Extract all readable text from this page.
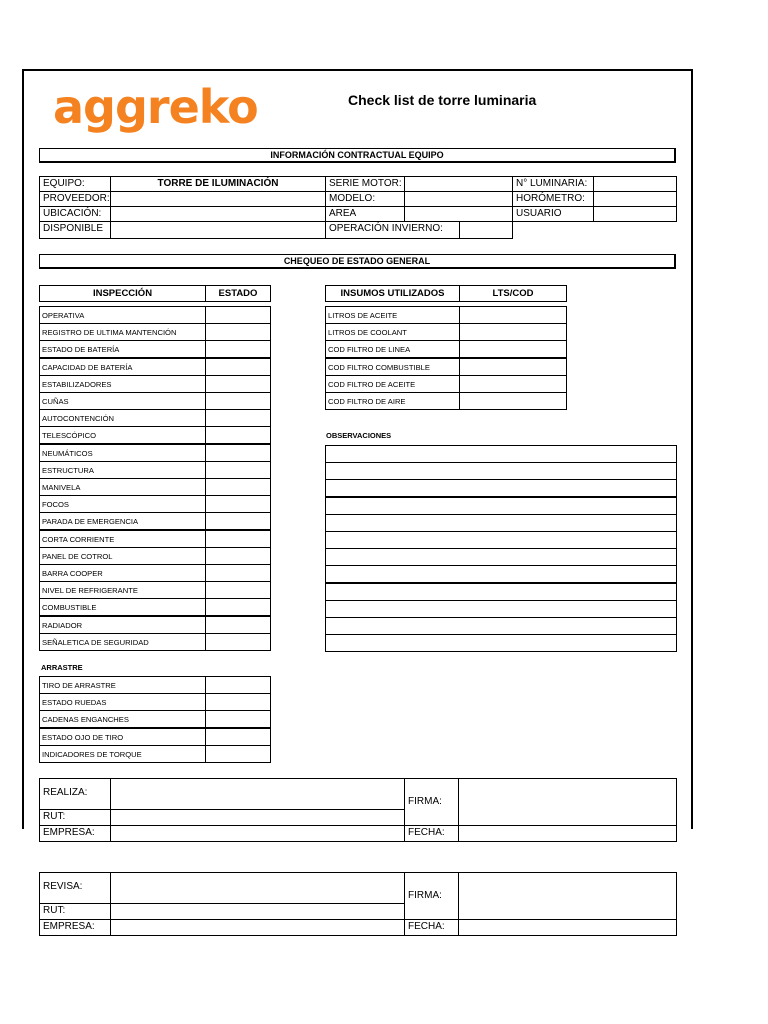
aggreko	Check list de torre luminaria
INFORMACIÓN CONTRACTUAL EQUIPO
EQUIPO:	TORRE DE ILUMINACIÓN	SERIE MOTOR:	N° LUMINARIA:
PROVEEDOR:	MODELO:	HORÓMETRO:
UBICACIÓN:	AREA	USUARIO
DISPONIBLE	OPERACIÓN INVIERNO:
CHEQUEO DE ESTADO GENERAL
INSPECCIÓN	ESTADO
OPERATIVA
REGISTRO DE ULTIMA MANTENCIÓN
ESTADO DE BATERÍA
CAPACIDAD DE BATERÍA
ESTABILIZADORES
CUÑAS
AUTOCONTENCIÓN
TELESCÓPICO
NEUMÁTICOS
ESTRUCTURA
MANIVELA
FOCOS
PARADA DE EMERGENCIA
CORTA CORRIENTE
PANEL DE COTROL
BARRA COOPER
NIVEL DE REFRIGERANTE
COMBUSTIBLE
RADIADOR
SEÑALETICA DE SEGURIDAD
INSUMOS UTILIZADOS	LTS/COD
LITROS DE ACEITE
LITROS DE COOLANT
COD FILTRO DE LINEA
COD FILTRO COMBUSTIBLE
COD FILTRO DE ACEITE
COD FILTRO DE AIRE
OBSERVACIONES
ARRASTRE
TIRO DE ARRASTRE
ESTADO RUEDAS
CADENAS ENGANCHES
ESTADO OJO DE TIRO
INDICADORES DE TORQUE
REALIZA:
FIRMA:
RUT:
EMPRESA:	FECHA:
REVISA:
FIRMA:
RUT:
EMPRESA:	FECHA:
